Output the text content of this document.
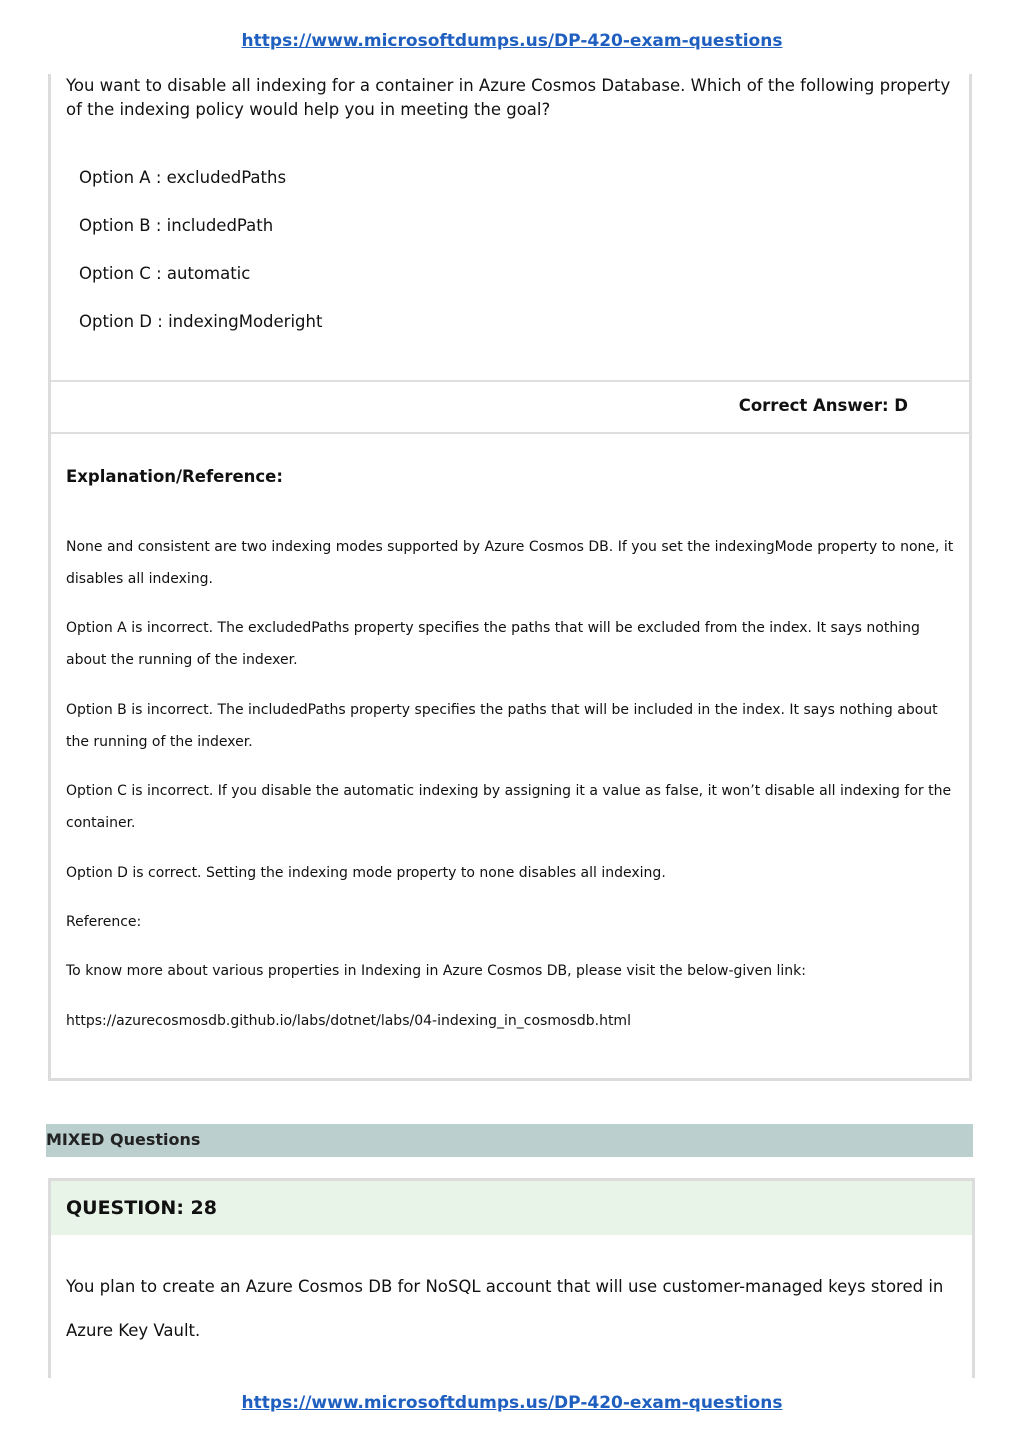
https://www.microsoftdumps.us/DP-420-exam-questions
You want to disable all indexing for a container in Azure Cosmos Database. Which of the following property of the indexing policy would help you in meeting the goal?
Option A : excludedPaths
Option B : includedPath
Option C : automatic
Option D : indexingModeright
Correct Answer: D
Explanation/Reference:
None and consistent are two indexing modes supported by Azure Cosmos DB. If you set the indexingMode property to none, it disables all indexing.
Option A is incorrect. The excludedPaths property specifies the paths that will be excluded from the index. It says nothing about the running of the indexer.
Option B is incorrect. The includedPaths property specifies the paths that will be included in the index. It says nothing about the running of the indexer.
Option C is incorrect. If you disable the automatic indexing by assigning it a value as false, it won’t disable all indexing for the container.
Option D is correct. Setting the indexing mode property to none disables all indexing.
Reference:
To know more about various properties in Indexing in Azure Cosmos DB, please visit the below-given link:
https://azurecosmosdb.github.io/labs/dotnet/labs/04-indexing_in_cosmosdb.html
MIXED Questions
QUESTION: 28
You plan to create an Azure Cosmos DB for NoSQL account that will use customer-managed keys stored in Azure Key Vault.
https://www.microsoftdumps.us/DP-420-exam-questions
